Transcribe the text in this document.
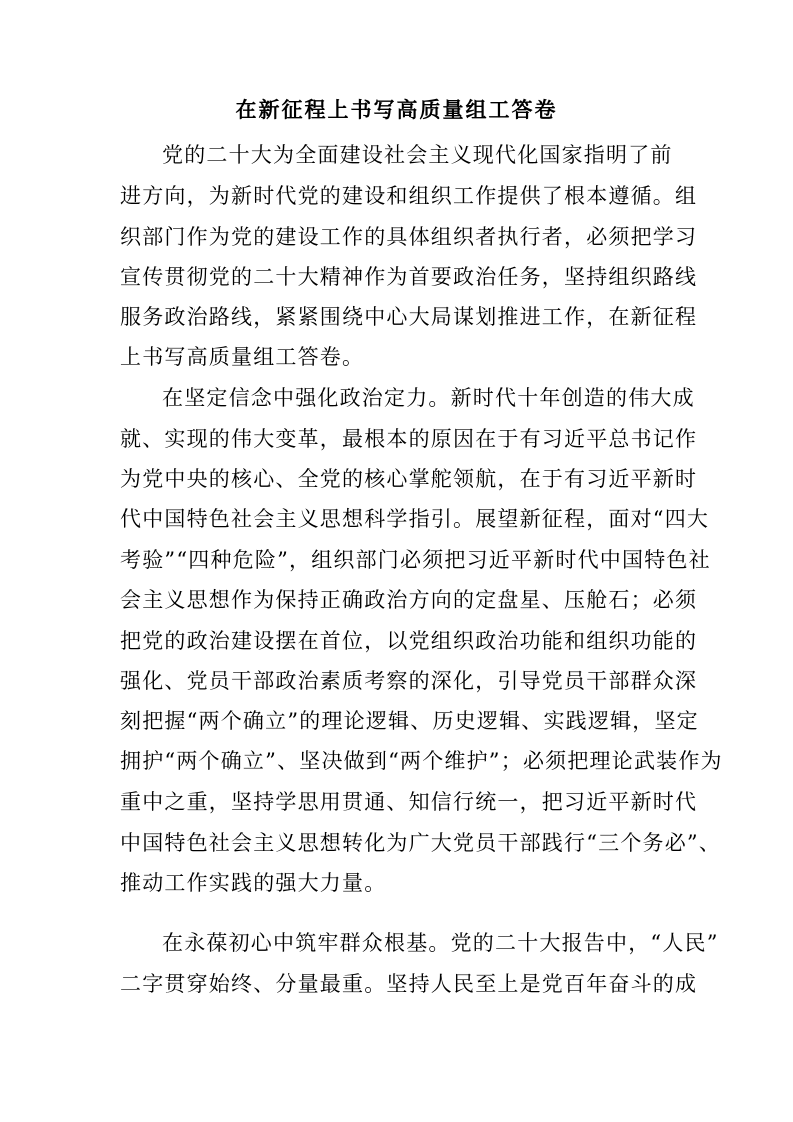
在新征程上书写高质量组工答卷
党的二十大为全面建设社会主义现代化国家指明了前
进方向，为新时代党的建设和组织工作提供了根本遵循。组
织部门作为党的建设工作的具体组织者执行者，必须把学习
宣传贯彻党的二十大精神作为首要政治任务，坚持组织路线
服务政治路线，紧紧围绕中心大局谋划推进工作，在新征程
上书写高质量组工答卷。
在坚定信念中强化政治定力。新时代十年创造的伟大成
就、实现的伟大变革，最根本的原因在于有习近平总书记作
为党中央的核心、全党的核心掌舵领航，在于有习近平新时
代中国特色社会主义思想科学指引。展望新征程，面对“四大
考验”“四种危险”，组织部门必须把习近平新时代中国特色社
会主义思想作为保持正确政治方向的定盘星、压舱石；必须
把党的政治建设摆在首位，以党组织政治功能和组织功能的
强化、党员干部政治素质考察的深化，引导党员干部群众深
刻把握“两个确立”的理论逻辑、历史逻辑、实践逻辑，坚定
拥护“两个确立”、坚决做到“两个维护”；必须把理论武装作为
重中之重，坚持学思用贯通、知信行统一，把习近平新时代
中国特色社会主义思想转化为广大党员干部践行“三个务必”、
推动工作实践的强大力量。
在永葆初心中筑牢群众根基。党的二十大报告中，“人民”
二字贯穿始终、分量最重。坚持人民至上是党百年奋斗的成
